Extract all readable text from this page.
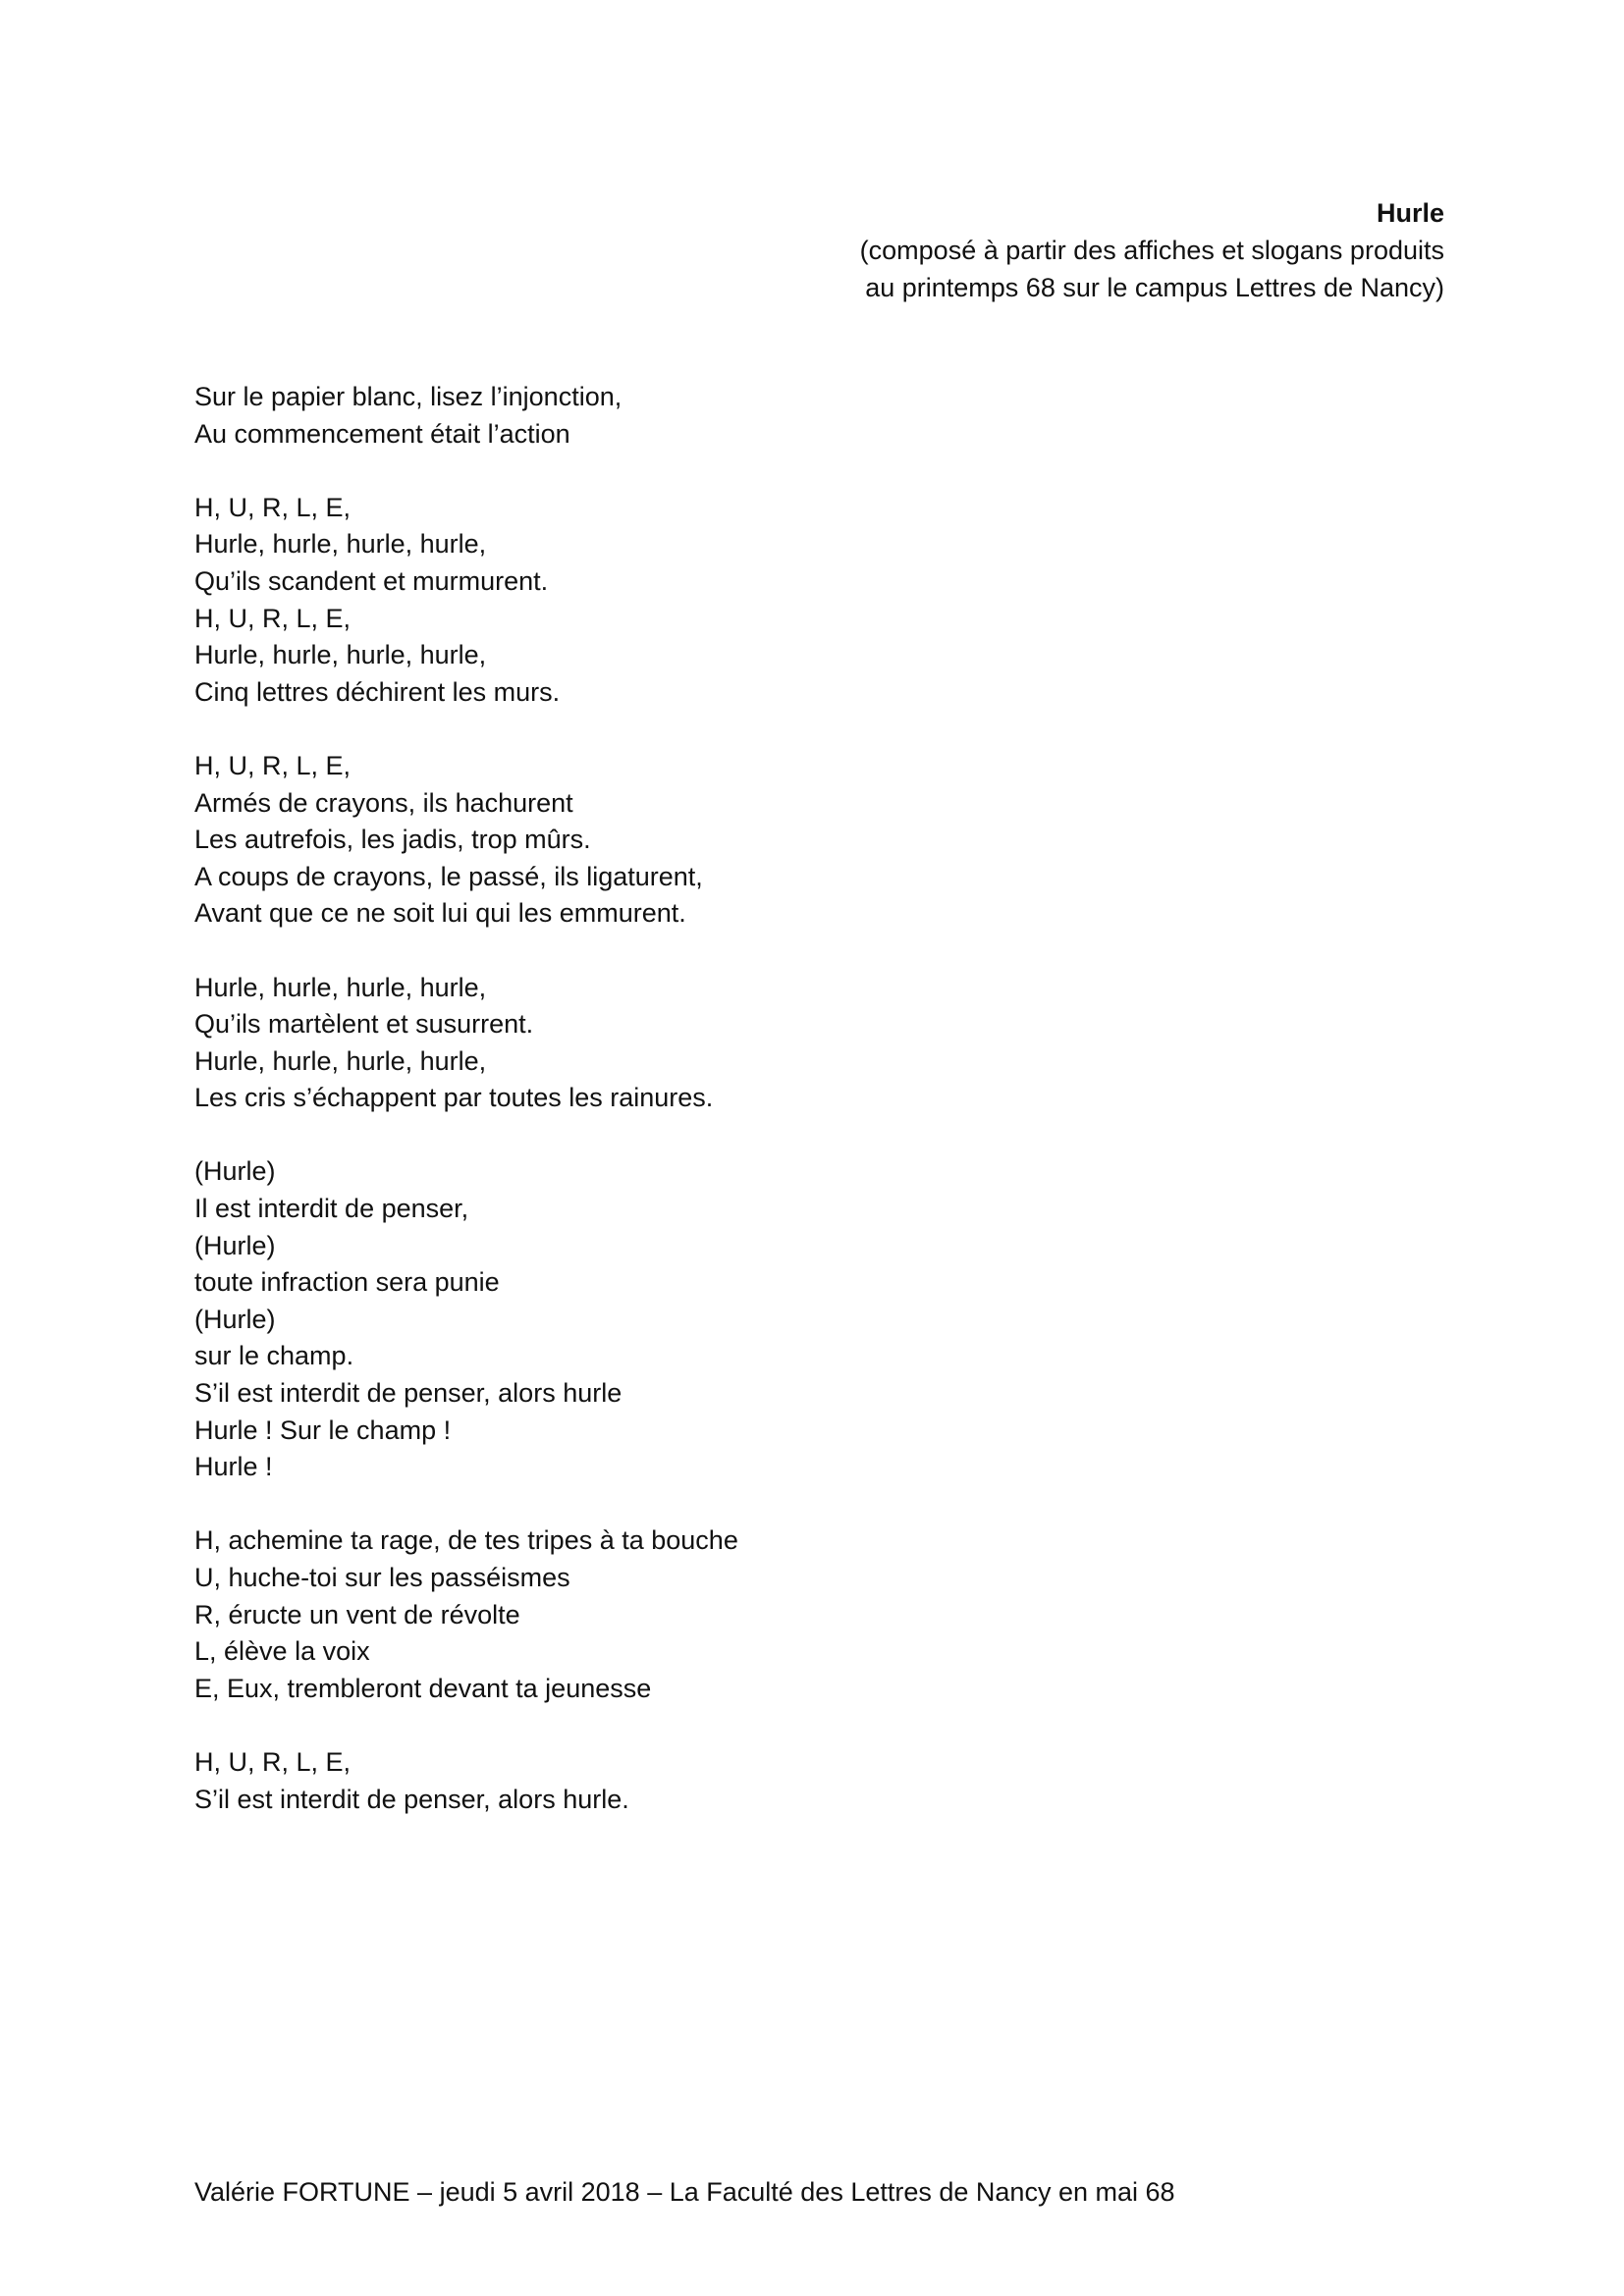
Hurle
(composé à partir des affiches et slogans produits
au printemps 68 sur le campus Lettres de Nancy)
Sur le papier blanc, lisez l’injonction,
Au commencement était l’action
H, U, R, L, E,
Hurle, hurle, hurle, hurle,
Qu’ils scandent et murmurent.
H, U, R, L, E,
Hurle, hurle, hurle, hurle,
Cinq lettres déchirent les murs.
H, U, R, L, E,
Armés de crayons, ils hachurent
Les autrefois, les jadis, trop mûrs.
A coups de crayons, le passé, ils ligaturent,
Avant que ce ne soit lui qui les emmurent.
Hurle, hurle, hurle, hurle,
Qu’ils martèlent et susurrent.
Hurle, hurle, hurle, hurle,
Les cris s’échappent par toutes les rainures.
(Hurle)
Il est interdit de penser,
(Hurle)
toute infraction sera punie
(Hurle)
sur le champ.
S’il est interdit de penser, alors hurle
Hurle ! Sur le champ !
Hurle !
H, achemine ta rage, de tes tripes à ta bouche
U, huche-toi sur les passéismes
R, éructe un vent de révolte
L, élève la voix
E, Eux, trembleront devant ta jeunesse
H, U, R, L, E,
S’il est interdit de penser, alors hurle.
Valérie FORTUNE – jeudi 5 avril 2018 – La Faculté des Lettres de Nancy en mai 68
